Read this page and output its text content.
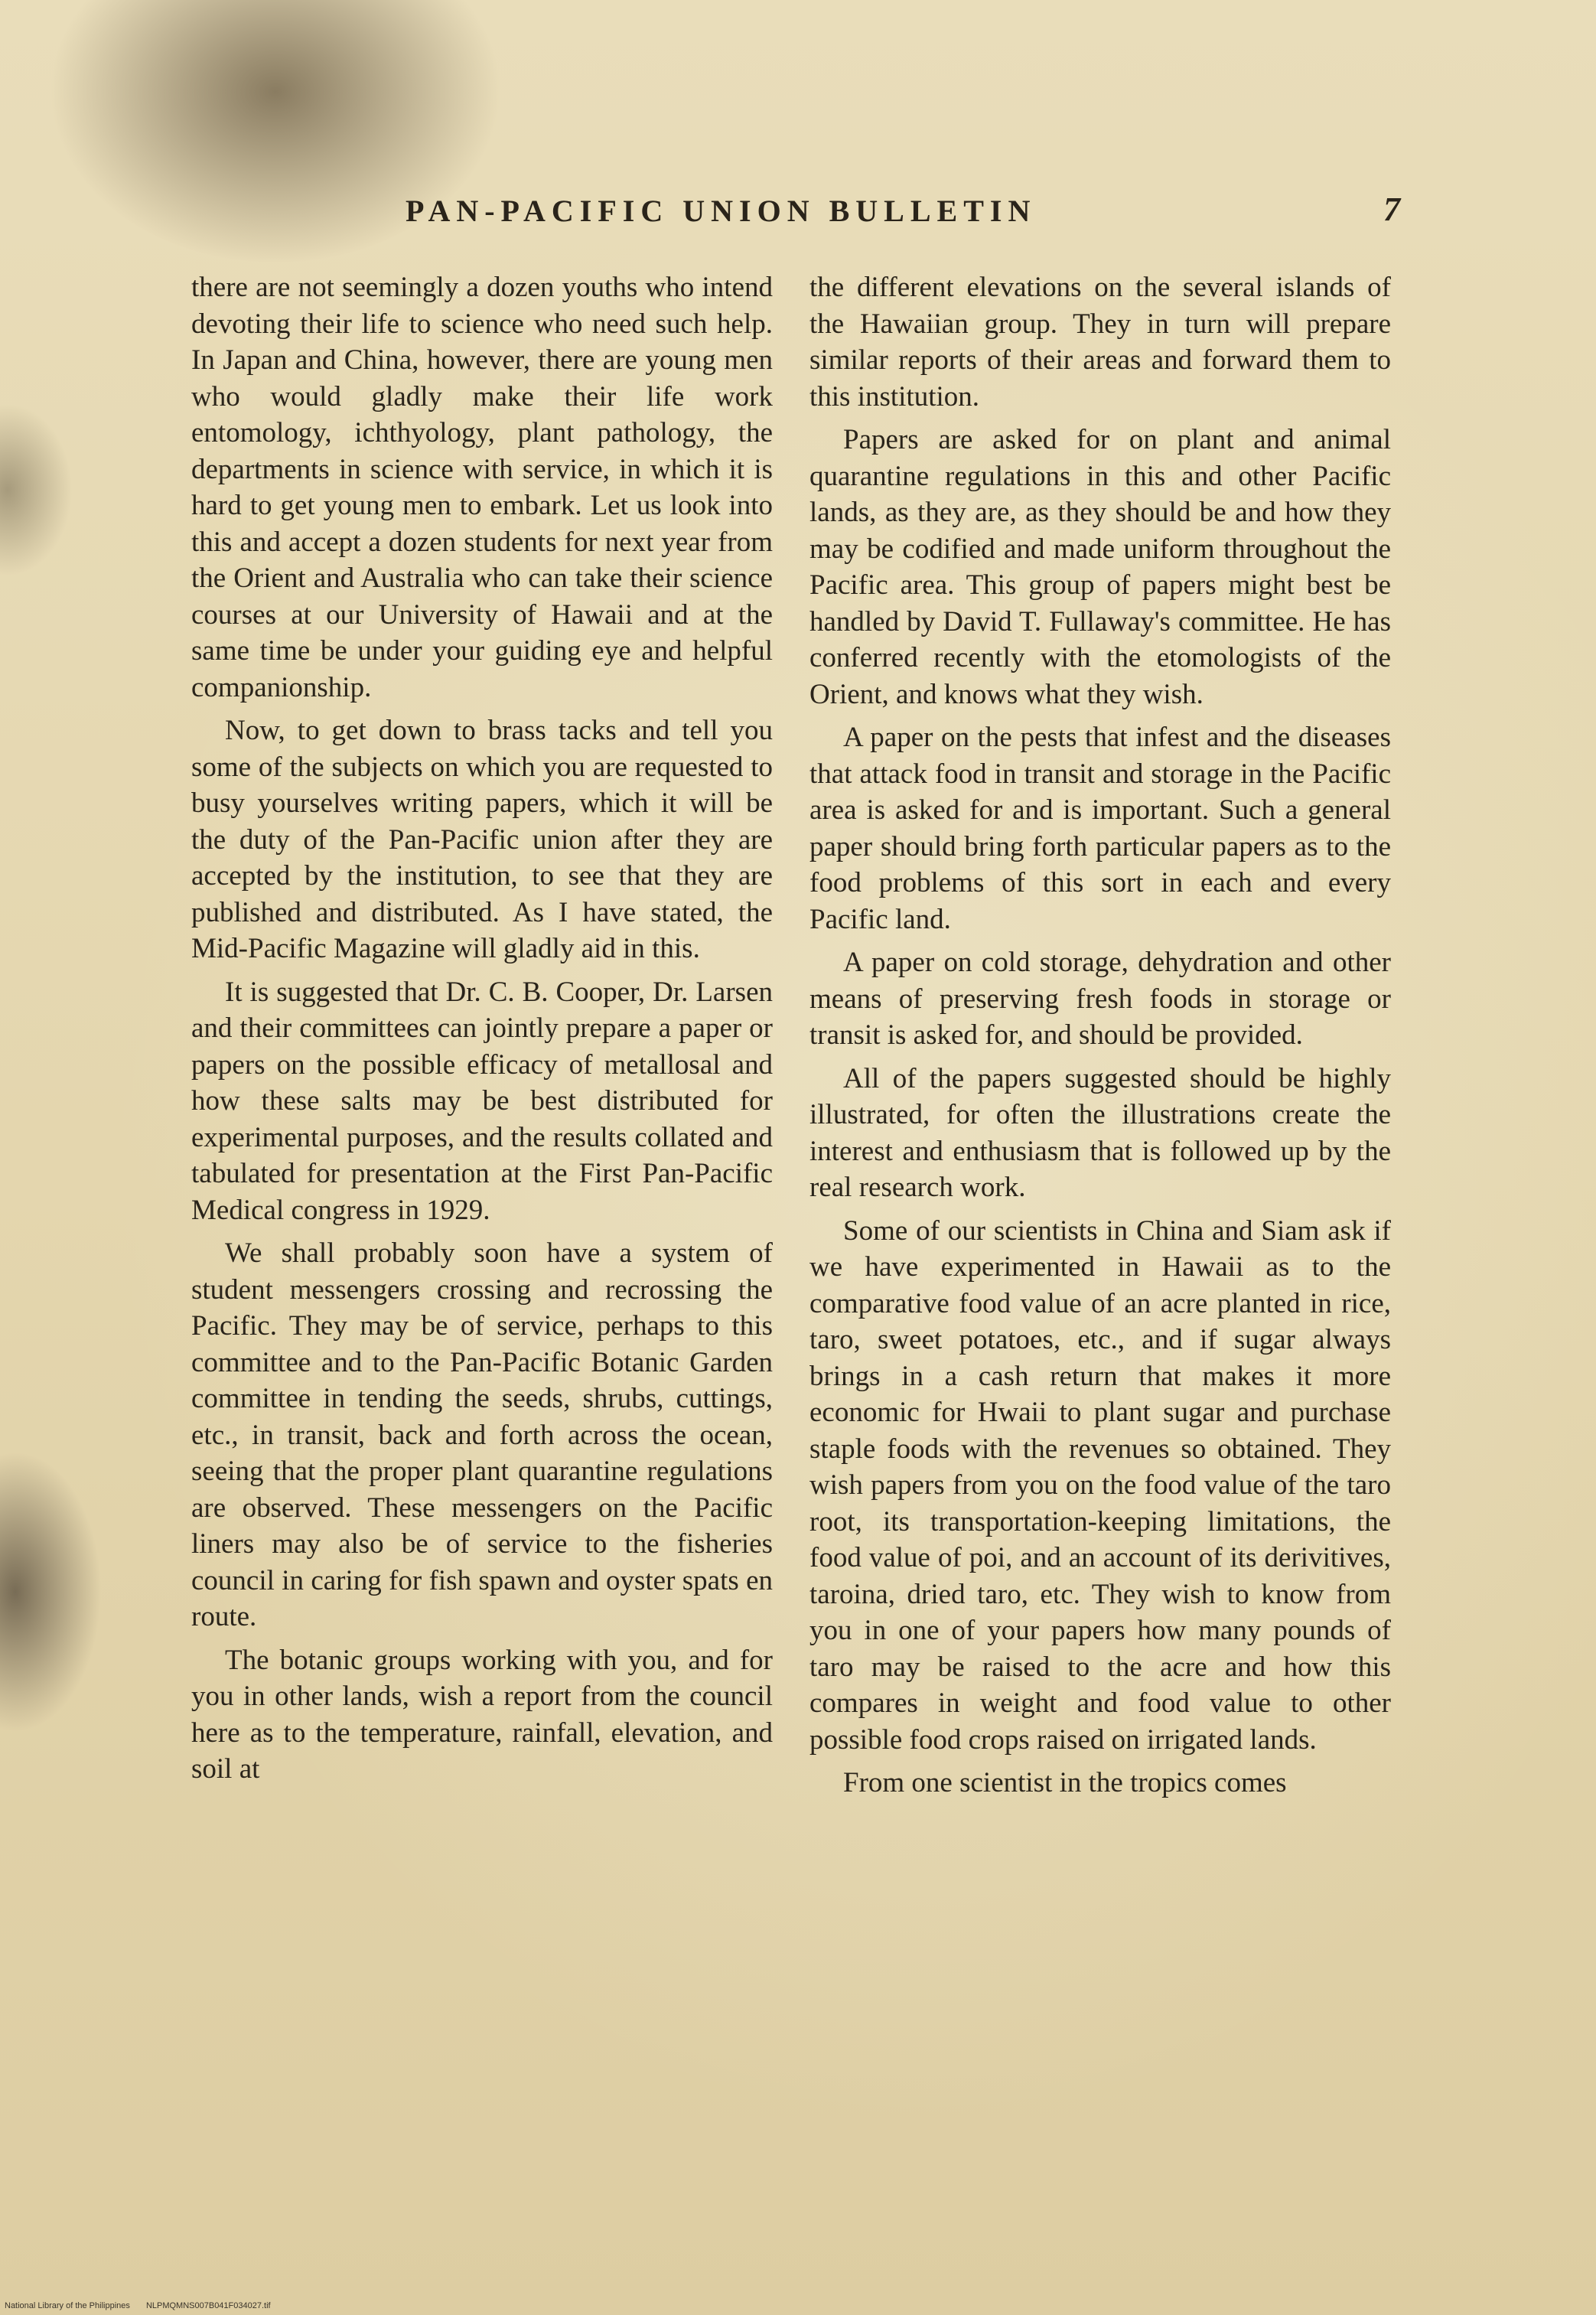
PAN-PACIFIC UNION BULLETIN	7

there are not seemingly a dozen youths who intend devoting their life to science who need such help. In Japan and China, however, there are young men who would gladly make their life work entomology, ichthyology, plant pathology, the departments in science with service, in which it is hard to get young men to embark. Let us look into this and accept a dozen students for next year from the Orient and Australia who can take their science courses at our University of Hawaii and at the same time be under your guiding eye and helpful companionship.

Now, to get down to brass tacks and tell you some of the subjects on which you are requested to busy yourselves writing papers, which it will be the duty of the Pan-Pacific union after they are accepted by the institution, to see that they are published and distributed. As I have stated, the Mid-Pacific Magazine will gladly aid in this.

It is suggested that Dr. C. B. Cooper, Dr. Larsen and their committees can jointly prepare a paper or papers on the possible efficacy of metallosal and how these salts may be best distributed for experimental purposes, and the results collated and tabulated for presentation at the First Pan-Pacific Medical congress in 1929.

We shall probably soon have a system of student messengers crossing and recrossing the Pacific. They may be of service, perhaps to this committee and to the Pan-Pacific Botanic Garden committee in tending the seeds, shrubs, cuttings, etc., in transit, back and forth across the ocean, seeing that the proper plant quarantine regulations are observed. These messengers on the Pacific liners may also be of service to the fisheries council in caring for fish spawn and oyster spats en route.

The botanic groups working with you, and for you in other lands, wish a report from the council here as to the temperature, rainfall, elevation, and soil at

the different elevations on the several islands of the Hawaiian group. They in turn will prepare similar reports of their areas and forward them to this institution.

Papers are asked for on plant and animal quarantine regulations in this and other Pacific lands, as they are, as they should be and how they may be codified and made uniform throughout the Pacific area. This group of papers might best be handled by David T. Fullaway's committee. He has conferred recently with the etomologists of the Orient, and knows what they wish.

A paper on the pests that infest and the diseases that attack food in transit and storage in the Pacific area is asked for and is important. Such a general paper should bring forth particular papers as to the food problems of this sort in each and every Pacific land.

A paper on cold storage, dehydration and other means of preserving fresh foods in storage or transit is asked for, and should be provided.

All of the papers suggested should be highly illustrated, for often the illustrations create the interest and enthusiasm that is followed up by the real research work.

Some of our scientists in China and Siam ask if we have experimented in Hawaii as to the comparative food value of an acre planted in rice, taro, sweet potatoes, etc., and if sugar always brings in a cash return that makes it more economic for Hwaii to plant sugar and purchase staple foods with the revenues so obtained. They wish papers from you on the food value of the taro root, its transportation-keeping limitations, the food value of poi, and an account of its derivitives, taroina, dried taro, etc. They wish to know from you in one of your papers how many pounds of taro may be raised to the acre and how this compares in weight and food value to other possible food crops raised on irrigated lands.

From one scientist in the tropics comes

National Library of the Philippines NLPMQMNS007B041F034027.tif
